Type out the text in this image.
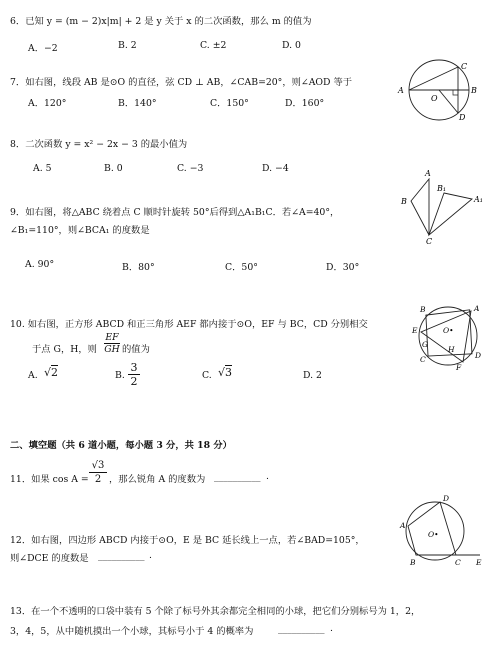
6．已知 y = (m − 2)x|m| + 2 是 y 关于 x 的二次函数，那么 m 的值为
A．−2	B. 2	C. ±2	D. 0
7．如右图，线段 AB 是⊙O 的直径，弦 CD ⊥ AB，∠CAB=20°，则∠AOD 等于
A．120°	B．140°	C．150°	D．160°
C
A
O
B
D
8．二次函数 y = x² − 2x − 3 的最小值为
A. 5	B. 0	C. −3	D. −4
9．如右图，将△ABC 绕着点 C 顺时针旋转 50°后得到△A₁B₁C．若∠A=40°，
∠B₁=110°，则∠BCA₁ 的度数是
A. 90°	B．80°	C．50°	D．30°
A
B₁
A₁
B
C
10. 如右图，正方形 ABCD 和正三角形 AEF 都内接于⊙O，EF 与 BC，CD 分别相交
于点 G，H，则 $\frac{EF}{GH}$ 的值为
A. √2	B. $\frac{3}{2}$	C. √3	D. 2
B	A
E	O•
G
H
C
F
D
二、填空题（共 6 道小题，每小题 3 分，共 18 分）
11．如果 $\cos A = \frac{√3}{2}$ ，那么锐角 A 的度数为 __________ .
12．如右图，四边形 ABCD 内接于⊙O，E 是 BC 延长线上一点，若∠BAD=105°，
则∠DCE 的度数是 __________ .
D
A
O•
B	C E
13．在一个不透明的口袋中装有 5 个除了标号外其余都完全相同的小球，把它们分别标号为 1，2，
3，4，5，从中随机摸出一个小球，其标号小于 4 的概率为	__________ .
